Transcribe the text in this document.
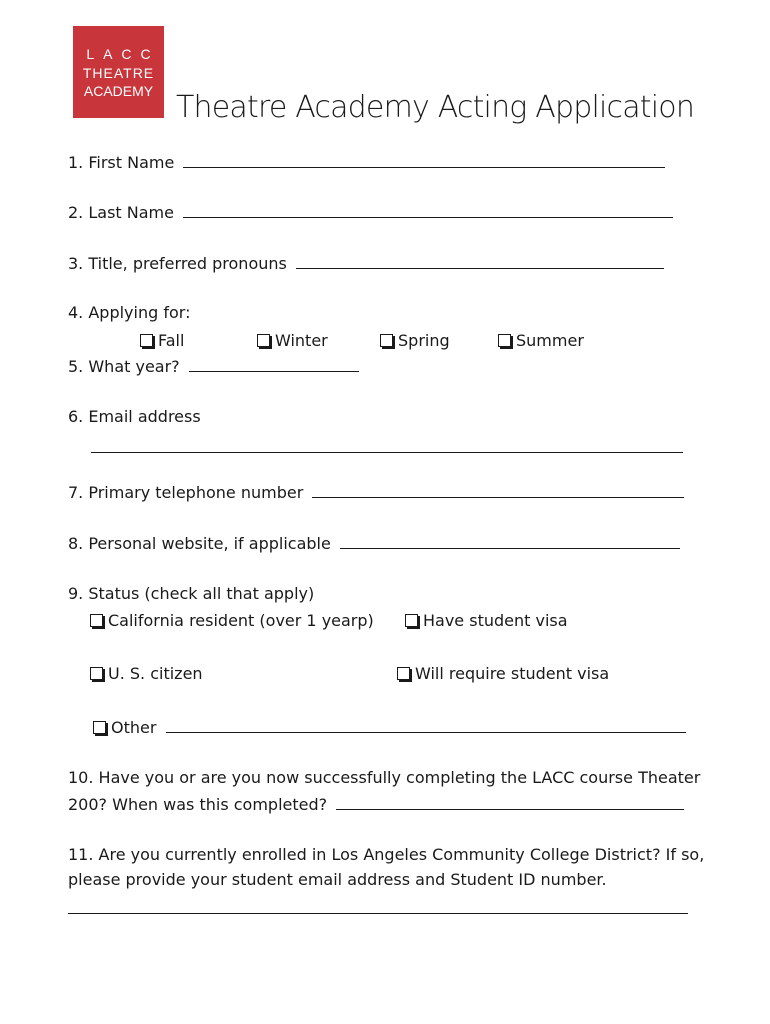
LACC
THEATRE
ACADEMY Theatre Academy Acting Application
1. First Name
2. Last Name
3. Title, preferred pronouns
4. Applying for:
Fall	Winter	Spring	Summer
5. What year?
6. Email address
7. Primary telephone number
8. Personal website, if applicable
9. Status (check all that apply)
California resident (over 1 yearp)	Have student visa
U. S. citizen	Will require student visa
Other
10. Have you or are you now successfully completing the LACC course Theater
200? When was this completed?
11. Are you currently enrolled in Los Angeles Community College District? If so,
please provide your student email address and Student ID number.
